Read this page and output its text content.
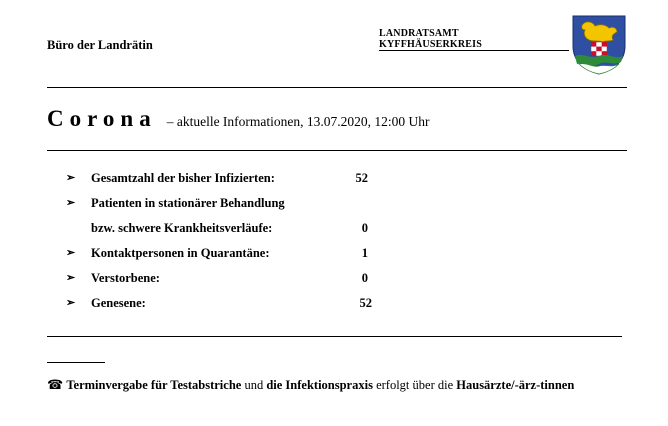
Büro der Landrätin
LANDRATSAMT
KYFFHÄUSERKREIS
Corona – aktuelle Informationen, 13.07.2020, 12:00 Uhr
➢ Gesamtzahl der bisher Infizierten:	52
➢ Patienten in stationärer Behandlung
bzw. schwere Krankheitsverläufe:	0
➢ Kontaktpersonen in Quarantäne:	1
➢ Verstorbene:	0
➢ Genesene:	52
☎ Terminvergabe für Testabstriche und die Infektionspraxis erfolgt über die Hausärzte/-ärz-tinnen
